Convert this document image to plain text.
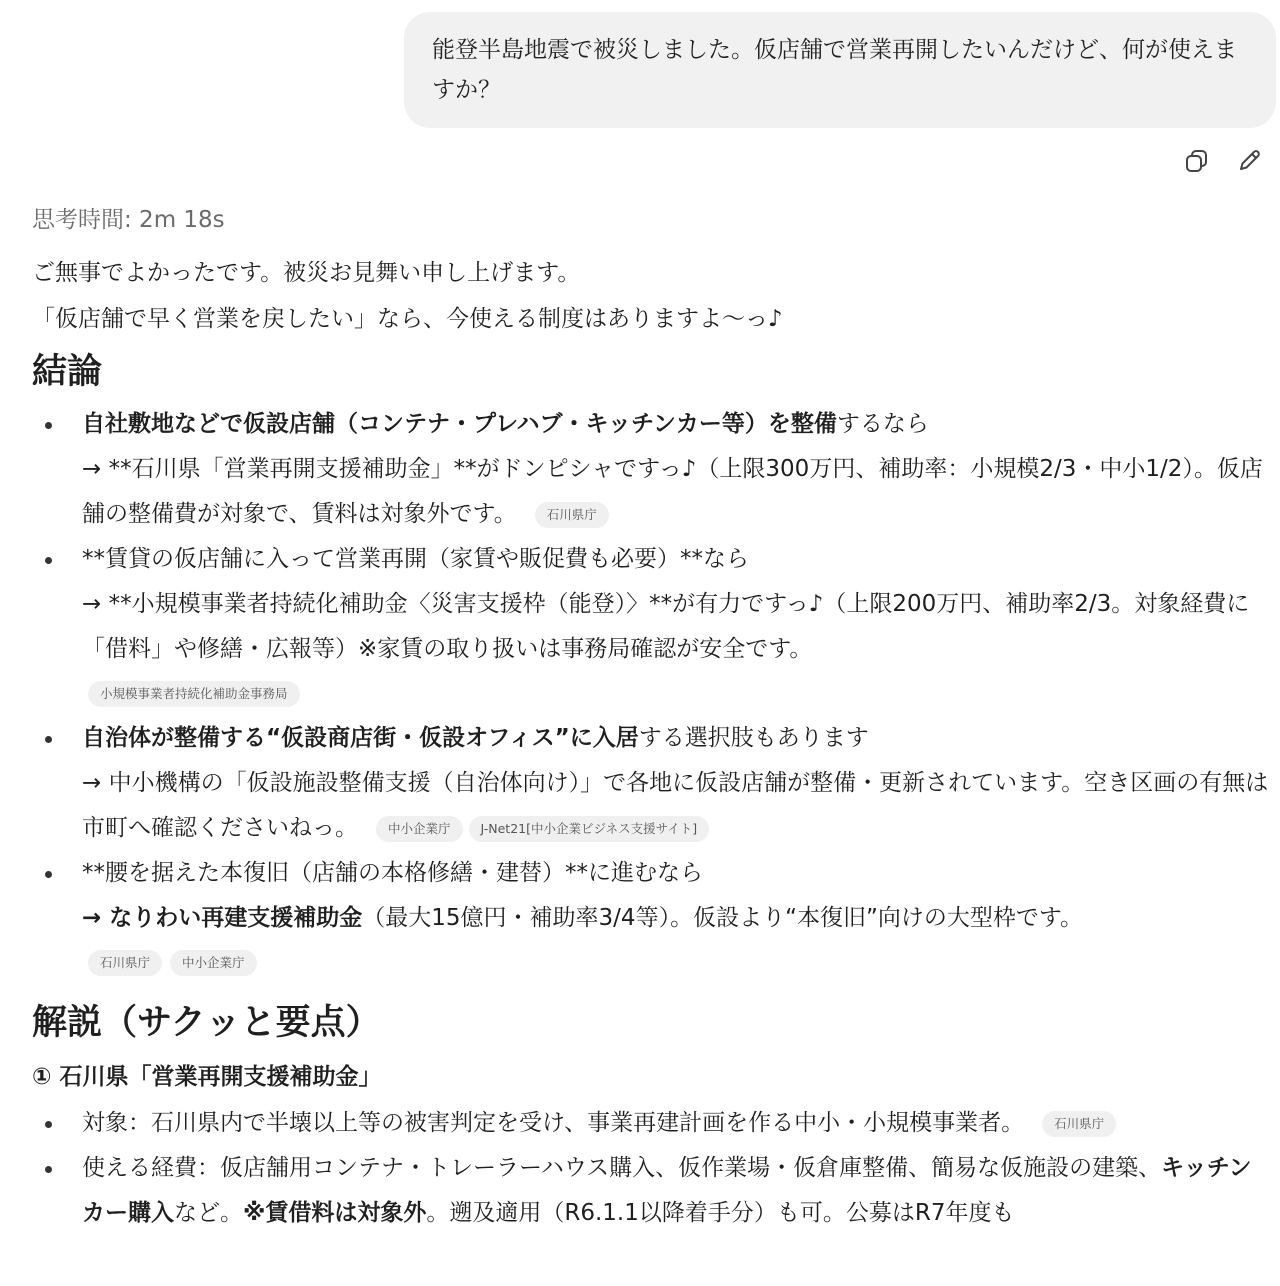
能登半島地震で被災しました。仮店舗で営業再開したいんだけど、何が使えますか？
思考時間: 2m 18s

ご無事でよかったです。被災お見舞い申し上げます。

「仮店舗で早く営業を戻したい」なら、今使える制度はありますよ〜っ♪

結論
自社敷地などで仮設店舗（コンテナ・プレハブ・キッチンカー等）を整備するなら
→ **石川県「営業再開支援補助金」**がドンピシャですっ♪（上限300万円、補助率：小規模2/3・中小1/2）。仮店舗の整備費が対象で、賃料は対象外です。 石川県庁
**賃貸の仮店舗に入って営業再開（家賃や販促費も必要）**なら
→ **小規模事業者持続化補助金〈災害支援枠（能登）〉**が有力ですっ♪（上限200万円、補助率2/3。対象経費に「借料」や修繕・広報等）※家賃の取り扱いは事務局確認が安全です。
小規模事業者持続化補助金事務局
自治体が整備する“仮設商店街・仮設オフィス”に入居する選択肢もあります
→ 中小機構の「仮設施設整備支援（自治体向け）」で各地に仮設店舗が整備・更新されています。空き区画の有無は市町へ確認くださいねっ。 中小企業庁 J-Net21[中小企業ビジネス支援サイト]
**腰を据えた本復旧（店舗の本格修繕・建替）**に進むなら
→ なりわい再建支援補助金（最大15億円・補助率3/4等）。仮設より“本復旧”向けの大型枠です。
石川県庁	中小企業庁
解説（サクッと要点）
① 石川県「営業再開支援補助金」
対象：石川県内で半壊以上等の被害判定を受け、事業再建計画を作る中小・小規模事業者。 石川県庁
使える経費：仮店舗用コンテナ・トレーラーハウス購入、仮作業場・仮倉庫整備、簡易な仮施設の建築、キッチンカー購入など。※賃借料は対象外。遡及適用（R6.1.1以降着手分）も可。公募はR7年度も
